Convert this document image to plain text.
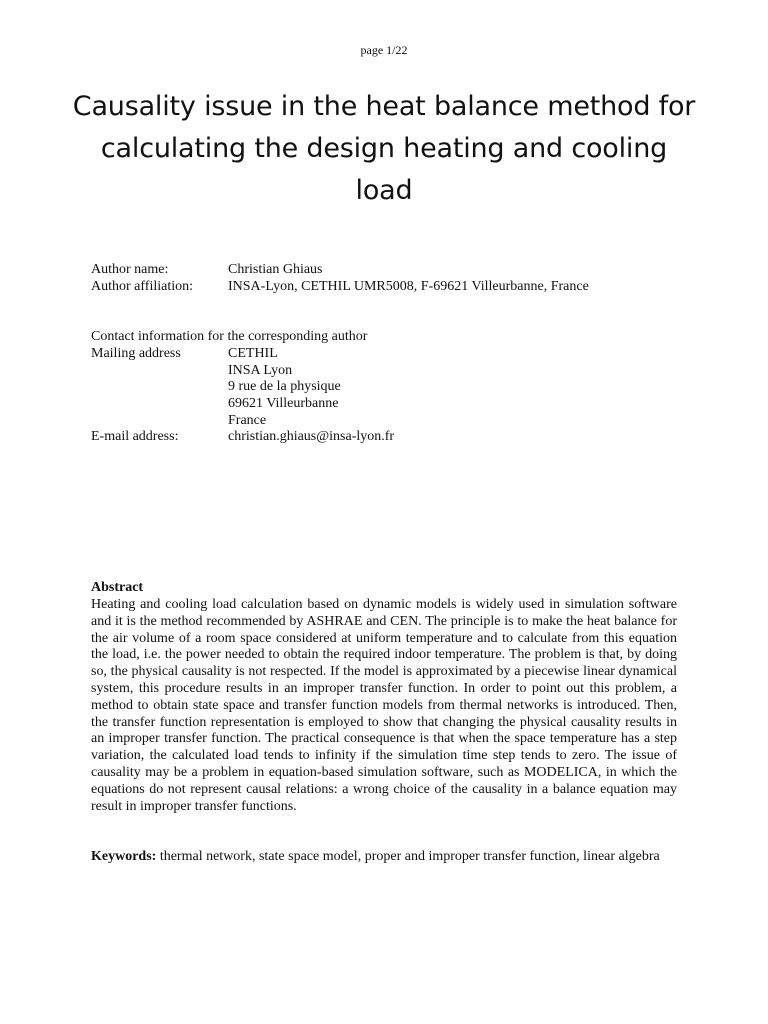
page 1/22
Causality issue in the heat balance method for calculating the design heating and cooling load
Author name:	Christian Ghiaus
Author affiliation:	INSA-Lyon, CETHIL UMR5008, F-69621 Villeurbanne, France
Contact information for the corresponding author
Mailing address	CETHIL
INSA Lyon
9 rue de la physique
69621 Villeurbanne
France
E-mail address:	christian.ghiaus@insa-lyon.fr
Abstract

Heating and cooling load calculation based on dynamic models is widely used in simulation software and it is the method recommended by ASHRAE and CEN. The principle is to make the heat balance for the air volume of a room space considered at uniform temperature and to calculate from this equation the load, i.e. the power needed to obtain the required indoor temperature. The problem is that, by doing so, the physical causality is not respected. If the model is approximated by a piecewise linear dynamical system, this procedure results in an improper transfer function. In order to point out this problem, a method to obtain state space and transfer function models from thermal networks is introduced. Then, the transfer function representation is employed to show that changing the physical causality results in an improper transfer function. The practical consequence is that when the space temperature has a step variation, the calculated load tends to infinity if the simulation time step tends to zero. The issue of causality may be a problem in equation-based simulation software, such as MODELICA, in which the equations do not represent causal relations: a wrong choice of the causality in a balance equation may result in improper transfer functions.

Keywords: thermal network, state space model, proper and improper transfer function, linear algebra
